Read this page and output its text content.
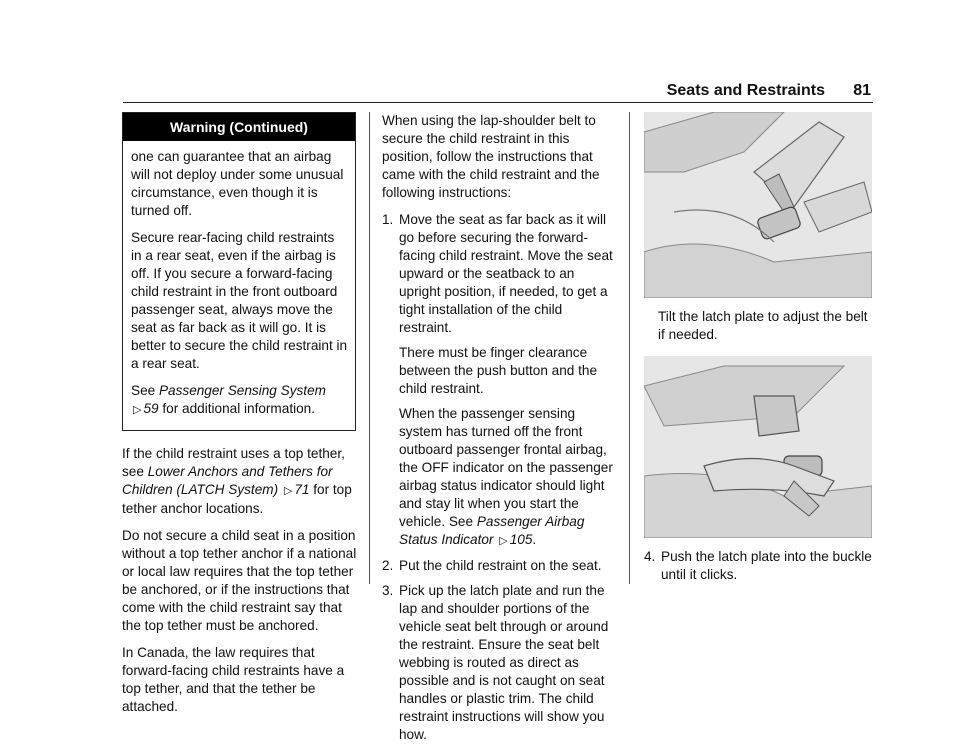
Seats and Restraints 81
Warning (Continued)

one can guarantee that an airbag will not deploy under some unusual circumstance, even though it is turned off.

Secure rear-facing child restraints in a rear seat, even if the airbag is off. If you secure a forward-facing child restraint in the front outboard passenger seat, always move the seat as far back as it will go. It is better to secure the child restraint in a rear seat.

See Passenger Sensing System ▷ 59 for additional information.

If the child restraint uses a top tether, see Lower Anchors and Tethers for Children (LATCH System) ▷ 71 for top tether anchor locations.

Do not secure a child seat in a position without a top tether anchor if a national or local law requires that the top tether be anchored, or if the instructions that come with the child restraint say that the top tether must be anchored.

In Canada, the law requires that forward-facing child restraints have a top tether, and that the tether be attached.

When using the lap-shoulder belt to secure the child restraint in this position, follow the instructions that came with the child restraint and the following instructions:

1. Move the seat as far back as it will go before securing the forward-facing child restraint. Move the seat upward or the seatback to an upright position, if needed, to get a tight installation of the child restraint.

There must be finger clearance between the push button and the child restraint.

When the passenger sensing system has turned off the front outboard passenger frontal airbag, the OFF indicator on the passenger airbag status indicator should light and stay lit when you start the vehicle. See Passenger Airbag Status Indicator ▷ 105.

2. Put the child restraint on the seat.
3. Pick up the latch plate and run the lap and shoulder portions of the vehicle seat belt through or around the restraint. Ensure the seat belt webbing is routed as direct as possible and is not caught on seat handles or plastic trim. The child restraint instructions will show you how.

Tilt the latch plate to adjust the belt if needed.

4. Push the latch plate into the buckle until it clicks.
